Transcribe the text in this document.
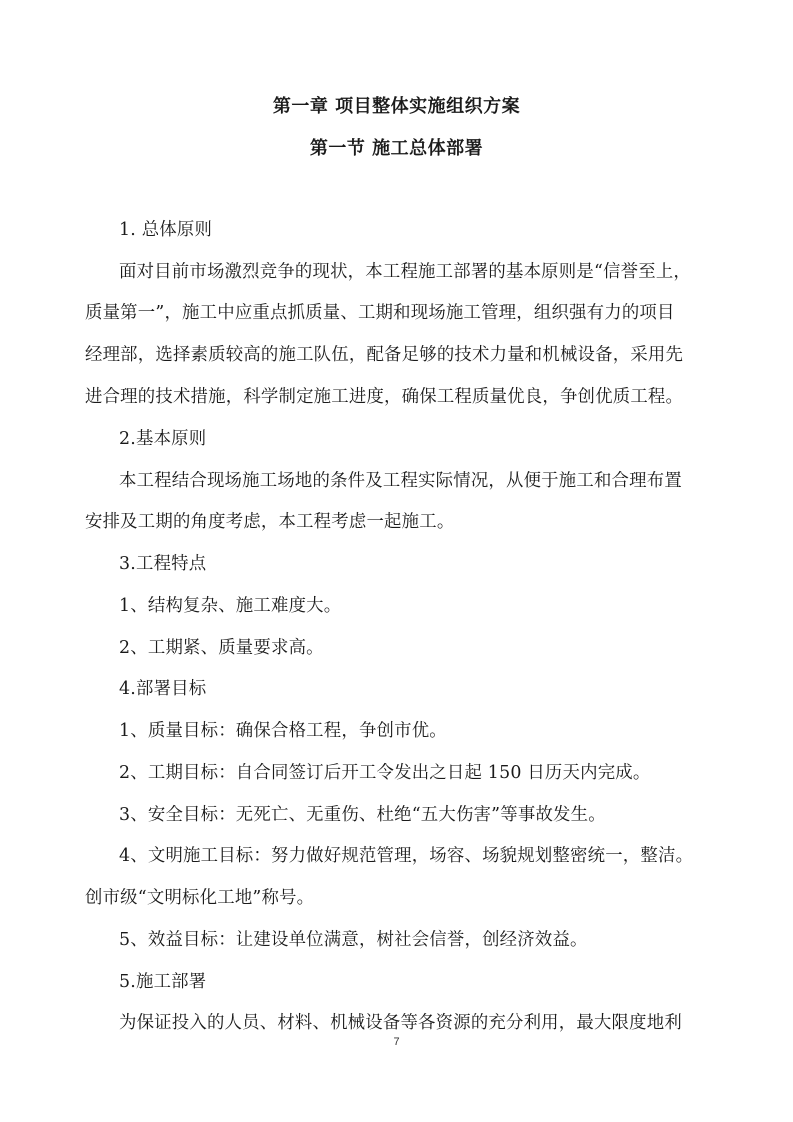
第一章 项目整体实施组织方案
第一节 施工总体部署
1. 总体原则
面对目前市场激烈竞争的现状，本工程施工部署的基本原则是“信誉至上，
质量第一”，施工中应重点抓质量、工期和现场施工管理，组织强有力的项目
经理部，选择素质较高的施工队伍，配备足够的技术力量和机械设备，采用先
进合理的技术措施，科学制定施工进度，确保工程质量优良，争创优质工程。
2.基本原则
本工程结合现场施工场地的条件及工程实际情况，从便于施工和合理布置
安排及工期的角度考虑，本工程考虑一起施工。
3.工程特点
1、结构复杂、施工难度大。
2、工期紧、质量要求高。
4.部署目标
1、质量目标：确保合格工程，争创市优。
2、工期目标：自合同签订后开工令发出之日起 150 日历天内完成。
3、安全目标：无死亡、无重伤、杜绝“五大伤害”等事故发生。
4、文明施工目标：努力做好规范管理，场容、场貌规划整密统一，整洁。
创市级“文明标化工地”称号。
5、效益目标：让建设单位满意，树社会信誉，创经济效益。
5.施工部署
为保证投入的人员、材料、机械设备等各资源的充分利用，最大限度地利
7
